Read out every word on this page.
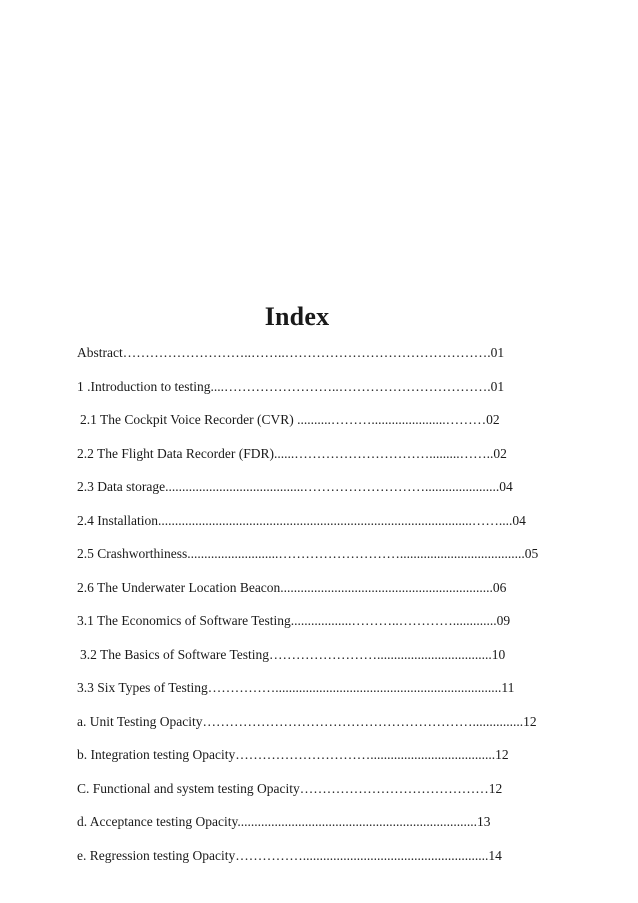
Index
Abstract………………………..……..……………………………………….01
1 .Introduction to testing....……………………..…………………………….01
2.1 The Cockpit Voice Recorder (CVR) ..........………......................………02
2.2 The Flight Data Recorder (FDR)......………………………….........……..02
2.3 Data storage.........................................………………………......................04
2.4 Installation.............................................................................................……....04
2.5 Crashworthiness...........................……………………….....................................05
2.6 The Underwater Location Beacon...............................................................06
3.1 The Economics of Software Testing..................………..………….............09
3.2 The Basics of Software Testing……………………..................................10
3.3 Six Types of Testing……………...................................................................11
a. Unit Testing Opacity……………………………………………………...............12
b. Integration testing Opacity………………………….....................................12
C. Functional and system testing Opacity……………………………………12
d. Acceptance testing Opacity.......................................................................13
e. Regression testing Opacity…………….......................................................14
